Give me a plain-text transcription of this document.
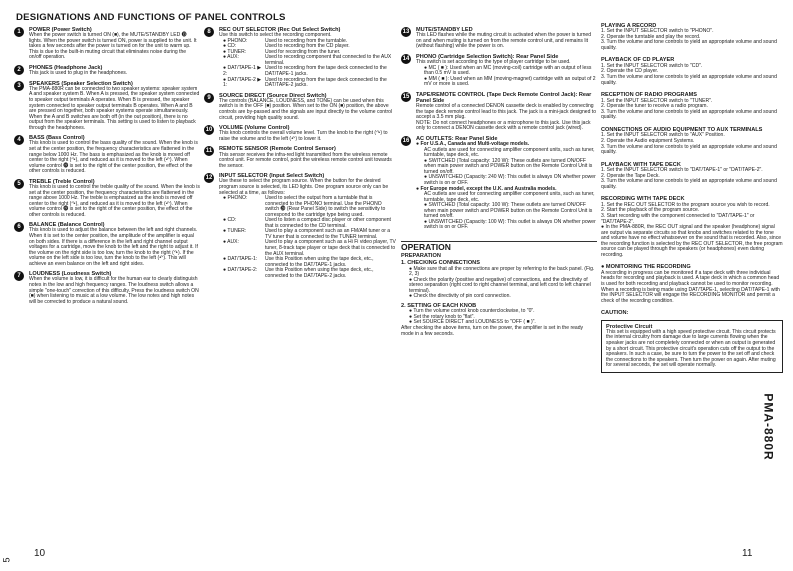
DESIGNATIONS AND FUNCTIONS OF PANEL CONTROLS
1	POWER (Power Switch)

When the power switch is turned ON (■), the MUTE/STANDBY LED ⓭ lights. When the power switch is turned ON, power is supplied to the unit. It takes a few seconds after the power is turned on for the unit to warm up. This is due to the built-in muting circuit that eliminates noise during the on/off operation.

2	PHONES (Headphone Jack)

This jack is used to plug in the headphones.

3	SPEAKERS (Speaker Selection Switch)

The PMA-880R can be connected to two speaker systems: speaker system A and speaker system B. When A is pressed, the speaker system connected to speaker output terminals A operates. When B is pressed, the speaker system connected to speaker output terminals B operates. When A and B are pressed on together, both speaker systems operate simultaneously. When the A and B switches are both off (in the out position), there is no output from the speaker terminals. This setting is used to listen to playback through the headphones.

4	BASS (Bass Control)

This knob is used to control the bass quality of the sound. When the knob is set at the center position, the frequency characteristics are flattened in the range below 1000 Hz. The bass is emphasized as the knob is moved off center to the right (↷), and reduced as it is moved to the left (↶). When volume control ⓳ is set to the right of the center position, the effect of the other controls is reduced.

5	TREBLE (Treble Control)

This knob is used to control the treble quality of the sound. When the knob is set at the center position, the frequency characteristics are flattened in the range above 1000 Hz. The treble is emphasized as the knob is moved off center to the right (↷), and reduced as it is moved to the left (↶). When volume control ⓳ is set to the right of the center position, the effect of the other controls is reduced.

6	BALANCE (Balance Control)

This knob is used to adjust the balance between the left and right channels. When it is set to the center position, the amplitude of the amplifier is equal on both sides. If there is a difference in the left and right channel output voltages for a cartridge, move the knob to the left and the right to adjust it. If the volume on the right side is too low, turn the knob to the right (↷). If the volume on the left side is too low, turn the knob to the left (↶). This will achieve an even balance on the left and right sides.

7	LOUDNESS (Loudness Switch)

When the volume is low, it is difficult for the human ear to clearly distinguish notes in the low and high frequency ranges. The loudness switch allows a simple "one-touch" correction of this difficulty. Press the loudness switch ON (■) when listening to music at a low volume. The low notes and high notes will be corrected to produce a natural sound.

8	REC OUT SELECTOR (Rec Out Select Switch)

Use this switch to select the recording component.

● PHONO:	Used to recording from the turntable.
● CD:	Used to recording from the CD player.
● TUNER:	Used for recording from the tuner.
● AUX:	Used to recording component that connected to the AUX terminal.
● DAT/TAPE-1 ▶ 2:
Used to recording from the tape deck connected to the DAT/TAPE-1 jacks.
● DAT/TAPE-2 ▶ 1:
Used to recording from the tape deck connected to the DAT/TAPE-2 jacks.
9	SOURCE DIRECT (Source Direct Switch)

The controls (BALANCE, LOUDNESS, and TONE) can be used when this switch is in the OFF (■) position. When set to the ON (■) position, the above controls are by-passed and the signals are input directly to the volume control circuit, providing high quality sound.

10 VOLUME (Volume Control)

This knob controls the overall volume level. Turn the knob to the right (↷) to raise the volume and to the left (↶) to lower it.

11	REMOTE SENSOR (Remote Control Sensor)

This sensor receives the infra-red light transmitted from the wireless remote control unit. For remote control, point the wireless remote control unit towards the sensor.

12 INPUT SELECTOR (Input Select Switch)

Use these to select the program source. When the button for the desired program source is selected, its LED lights. One program source only can be selected at a time, as follows:

● PHONO:	Used to select the output from a turntable that is connected to the PHONO terminal. Use the PHONO switch ⓴ (Rear Panel Side) to switch the sensitivity to correspond to the cartridge type being used.
● CD:	Used to listen a compact disc player or other component that is connected to the CD terminal.
● TUNER:	Used to play a component such as an FM/AM tuner or a TV tuner that is connected to the TUNER terminal.
● AUX:	Used to play a component such as a Hi Fi video player, TV tuner, 8-track tape player or tape deck that is connected to the AUX terminal.
● DAT/TAPE-1:	Use this Position when using the tape deck, etc., connected to the DAT/TAPE-1 jacks.
● DAT/TAPE-2:	Use this Position when using the tape deck, etc., connected to the DAT/TAPE-2 jacks.
13 MUTE/STANDBY LED

This LED flashes while the muting circuit is activated when the power is turned on and when muting is turned on from the remote control unit, and remains lit (without flashing) while the power is on.

14 PHONO (Cartridge Selection Switch): Rear Panel Side

This switch is set according to the type of player cartridge to be used.

● MC ( ■ ): Used when an MC (moving-coil) cartridge with an output of less than 0.5 mV is used.

● MM ( ■ ): Used when an MM (moving-magnet) cartridge with an output of 2 mV or more is used.

15 TAPE/REMOTE CONTROL (Tape Deck Remote Control Jack): Rear Panel Side

Remote control of a connected DENON cassette deck is enabled by connecting the tape deck remote control lead to this jack. The jack is a mini-jack designed to accept a 3.5 mm plug.

NOTE: Do not connect headphones or a microphone to this jack. Use this jack only to connect a DENON cassette deck with a remote control jack (wired).

16 AC OUTLETS: Rear Panel Side

● For U.S.A., Canada and Multi-voltage models.

AC outlets are used for connecting amplifier component units, such as tuner, turntable, tape deck, etc.

● SWITCHED (Total capacity: 120 W): These outlets are turned ON/OFF when main power switch and POWER button on the Remote Control Unit is turned on/off.

● UNSWITCHED (Capacity: 240 W): This outlet is always ON whether power switch is on or OFF.

● For Europe model, except the U.K. and Australia models.

AC outlets are used for connecting amplifier component units, such as tuner, turntable, tape deck, etc.

● SWITCHED (Total capacity: 100 W): These outlets are turned ON/OFF when main power switch and POWER button on the Remote Control Unit is turned on/off.

● UNSWITCHED (Capacity: 100 W): This outlet is always ON whether power switch is on or OFF.

OPERATION
PREPARATION
1. CHECKING CONNECTIONS

● Make sure that all the connections are proper by referring to the back panel. (Fig. 2, 3)

● Check the polarity (positive and negative) of connections, and the directivity of stereo separation (right cord to right channel terminal, and left cord to left channel terminal).

● Check the directivity of pin cord connection.

2. SETTING OF EACH KNOB

● Turn the volume control knob counterclockwise, to "0".

● Set the rotary knob to "flat".

● Set SOURCE DIRECT and LOUDNESS to "OFF ( ■ )".

After checking the above items, turn on the power, the amplifier is set in the ready mode in a few seconds.

PLAYING A RECORD

1. Set the INPUT SELECTOR switch to "PHONO".

2. Operate the turntable and play the record.

3. Turn the volume and tone controls to yield an appropriate volume and sound quality.

PLAYBACK OF CD PLAYER

1. Set the INPUT SELECTOR switch to "CD".

2. Operate the CD player.

3. Turn the volume and tone controls to yield an appropriate volume and sound quality.

RECEPTION OF RADIO PROGRAMS

1. Set the INPUT SELECTOR switch to "TUNER".

2. Operate the tuner to receive a radio program.

3. Turn the volume and tone controls to yield an appropriate volume and sound quality.

CONNECTIONS OF AUDIO EQUIPMENT TO AUX TERMINALS

1. Set the INPUT SELECTOR switch to "AUX" Position.

2. Operate the Audio equipment Systems.

3. Turn the volume and tone controls to yield an appropriate volume and sound quality.

PLAYBACK WITH TAPE DECK

1. Set the INPUT SELECTOR switch to "DAT/TAPE-1" or "DAT/TAPE-2".

2. Operate the Tape Deck.

3. Turn the volume and tone controls to yield an appropriate volume and sound quality.

RECORDING WITH TAPE DECK

1. Set the REC OUT SELECTOR to the program source you wish to record.

2. Start the playback of the program source.

3. Start recording with the component connected to "DAT/TAPE-1" or "DAT/TAPE-2".

● In the PMA-880R, the REC OUT signal and the speaker (headphone) signal are output via separate circuits so that knobs and switches related to the tone and volume have no effect whatsoever on the sound that is recorded. Also, since the recording function is selected by the REC OUT SELECTOR, the free program source can be played through the speakers (or headphones) even during recording.

● MONITORING THE RECORDING

A recording in progress can be monitored if a tape deck with three individual heads for recording and playback is used. A tape deck in which a common head is used for both recording and playback cannot be used to monitor recording. When a recording is being made using DAT/TAPE-1, selecting DAT/TAPE-1 with the INPUT SELECTOR will engage the RECORDING MONITOR and permit a check of the recording condition.

CAUTION:
Protective Circuit

This set is equipped with a high speed protective circuit. This circuit protects the internal circuitry from damage due to large currents flowing when the speaker jacks are not completely connected or when an output is generated by a short circuit. This protective circuit's operation cuts off the output to the speakers. In such a case, be sure to turn the power to the set off and check the connections to the speakers. Then turn the power on again. After muting for several seconds, the set will operate normally.

10	11
5
PMA-880R
